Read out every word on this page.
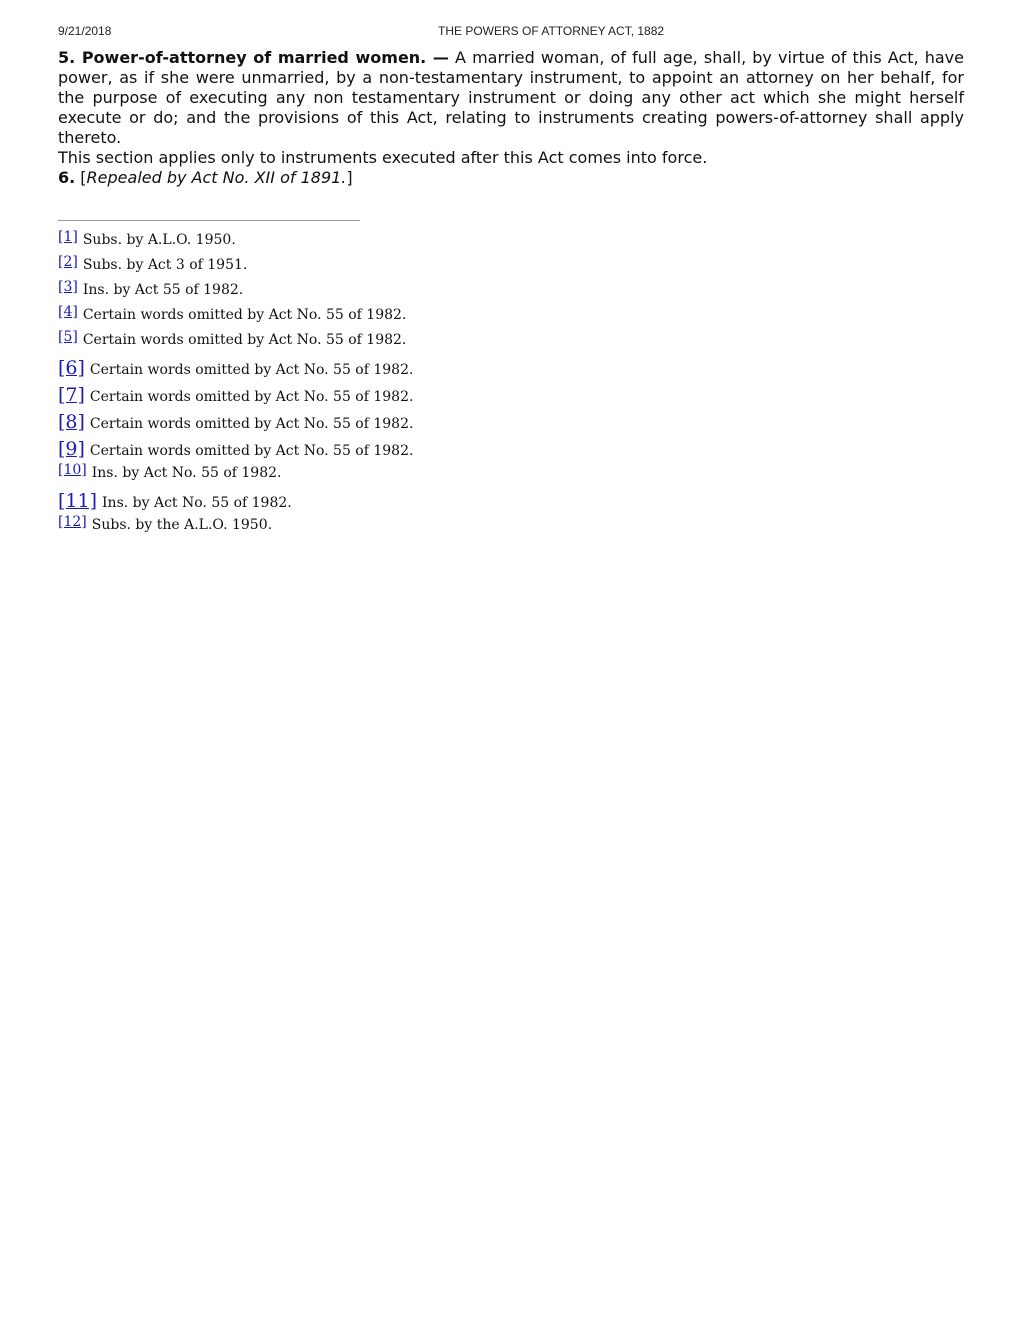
9/21/2018	THE POWERS OF ATTORNEY ACT, 1882

5. Power-of-attorney of married women. — A married woman, of full age, shall, by virtue of this Act, have power, as if she were unmarried, by a non-testamentary instrument, to appoint an attorney on her behalf, for the purpose of executing any non testamentary instrument or doing any other act which she might herself execute or do; and the provisions of this Act, relating to instruments creating powers-of-attorney shall apply thereto.

This section applies only to instruments executed after this Act comes into force.

6. [Repealed by Act No. XII of 1891.]

[1] Subs. by A.L.O. 1950.
[2] Subs. by Act 3 of 1951.
[3] Ins. by Act 55 of 1982.
[4] Certain words omitted by Act No. 55 of 1982.
[5] Certain words omitted by Act No. 55 of 1982.
[6] Certain words omitted by Act No. 55 of 1982.
[7] Certain words omitted by Act No. 55 of 1982.
[8] Certain words omitted by Act No. 55 of 1982.
[9] Certain words omitted by Act No. 55 of 1982.
[10] Ins. by Act No. 55 of 1982.
[11] Ins. by Act No. 55 of 1982.
[12] Subs. by the A.L.O. 1950.
